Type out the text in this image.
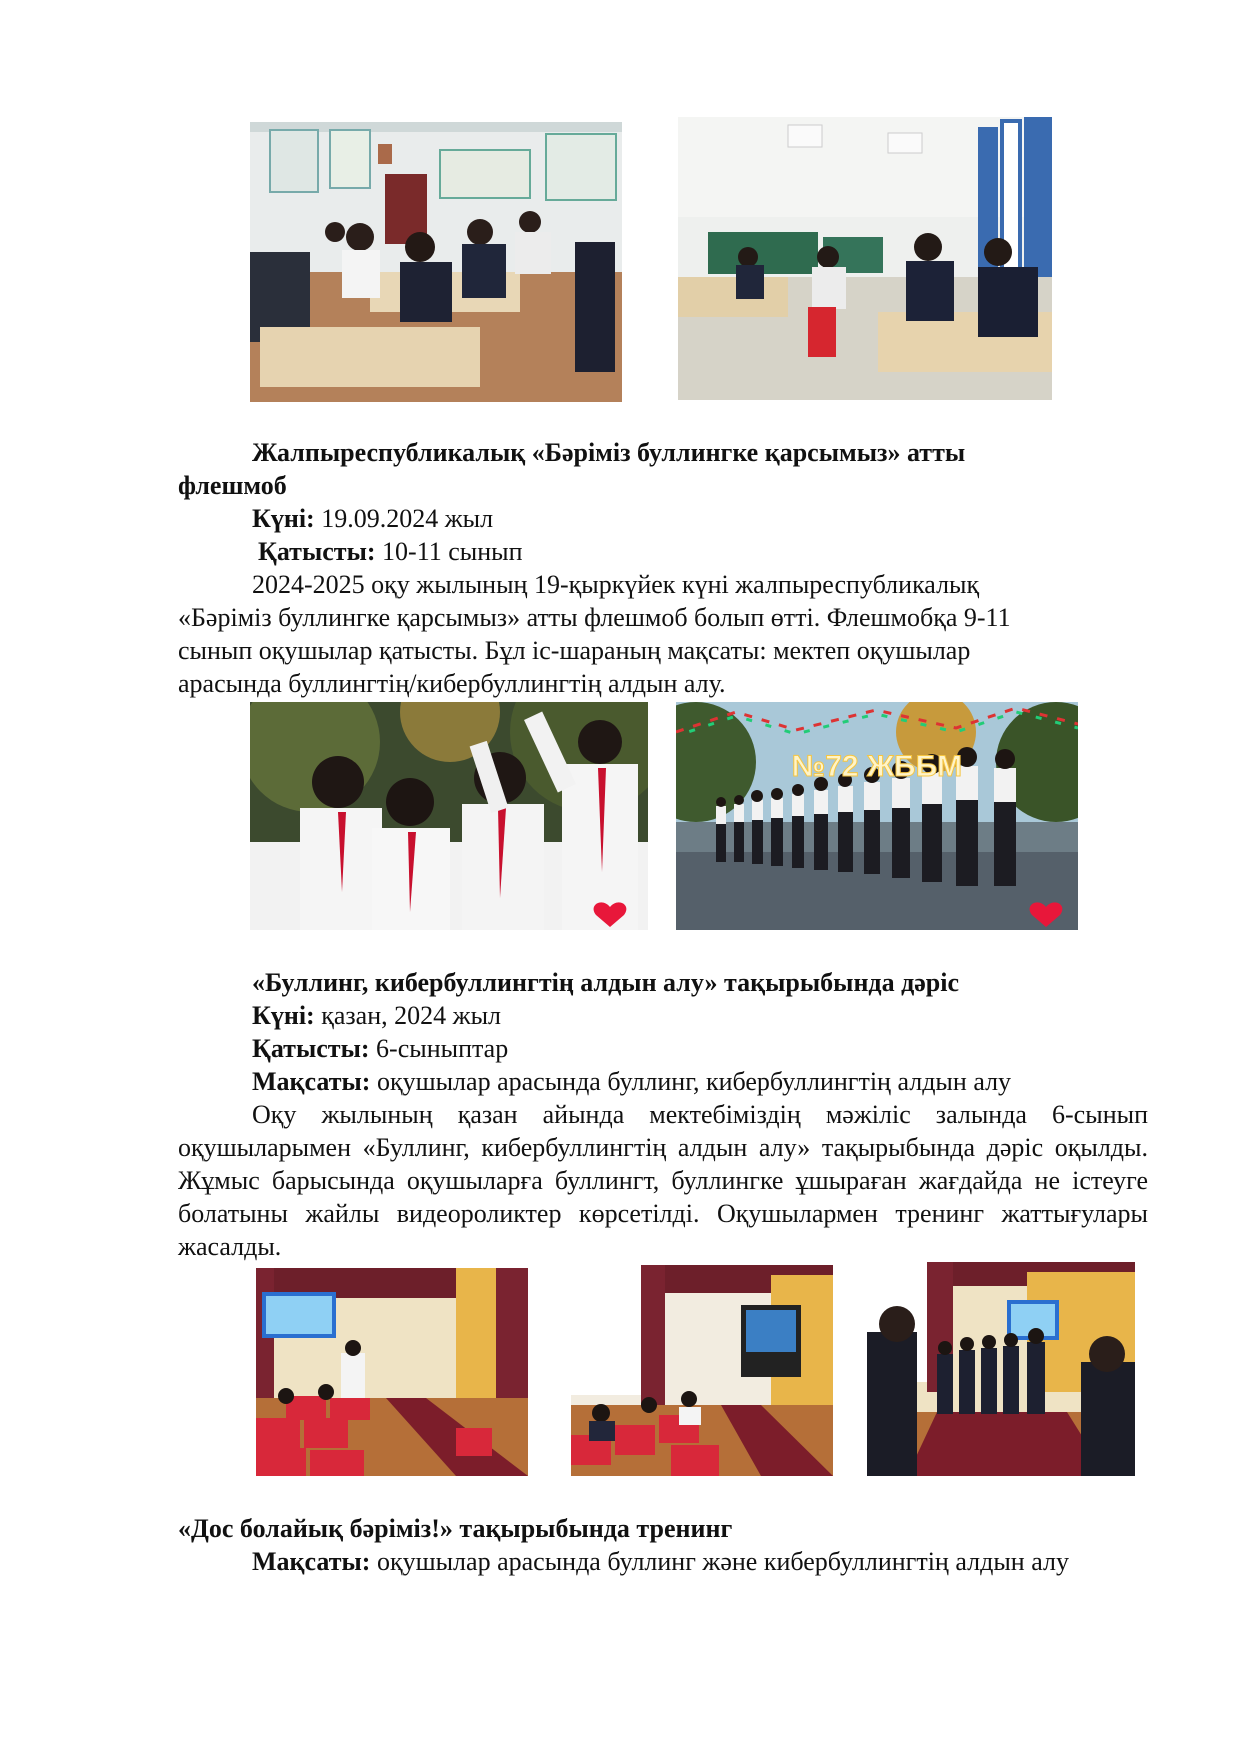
Жалпыреспубликалық «Бәріміз буллингке қарсымыз» атты
флешмоб

Күні: 19.09.2024 жыл

Қатысты: 10-11 сынып

2024-2025 оқу жылының 19-қыркүйек күні жалпыреспубликалық
«Бәріміз буллингке қарсымыз» атты флешмоб болып өтті. Флешмобқа 9-11
сынып оқушылар қатысты. Бұл іс-шараның мақсаты: мектеп оқушылар
арасында буллингтің/кибербуллингтің алдын алу.
№72 ЖББМ
«Буллинг, кибербуллингтің алдын алу» тақырыбында дәріс

Күні: қазан, 2024 жыл

Қатысты: 6-сыныптар

Мақсаты: оқушылар арасында буллинг, кибербуллингтің алдын алу

Оқу жылының қазан айында мектебіміздің мәжіліс залында 6-сынып оқушыларымен «Буллинг, кибербуллингтің алдын алу» тақырыбында дәріс оқылды. Жұмыс барысында оқушыларға буллингт, буллингке ұшыраған жағдайда не істеуге болатыны жайлы видеороликтер көрсетілді. Оқушылармен тренинг жаттығулары жасалды.

«Дос болайық бәріміз!» тақырыбында тренинг

Мақсаты: оқушылар арасында буллинг және кибербуллингтің алдын алу
